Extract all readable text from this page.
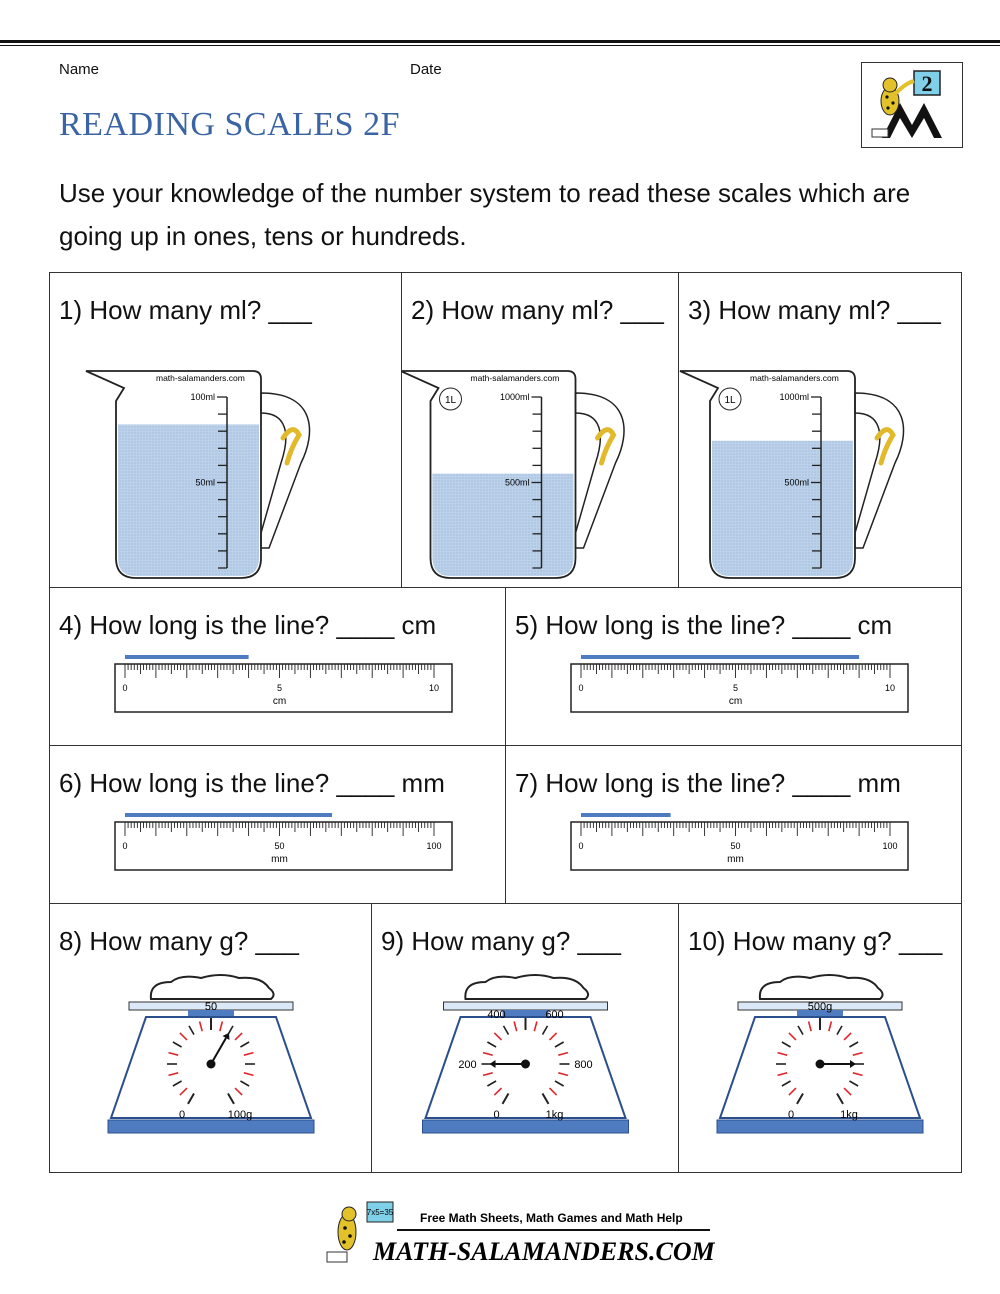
Name	Date
2
READING SCALES 2F
Use your knowledge of the number system to read these scales which are going up in ones, tens or hundreds.
1) How many ml? ___
math-salamanders.com
100ml
50ml
2) How many ml? ___
math-salamanders.com
1L	1000ml
500ml
3) How many ml? ___
math-salamanders.com
1L	1000ml
500ml
4) How long is the line? ____ cm
0	5	10
cm
5) How long is the line? ____ cm
0	5	10
cm
6) How long is the line? ____ mm
0	50	100
mm
7) How long is the line? ____ mm
0	50	100
mm
8) How many g? ___
0
50
100g
9) How many g? ___
0
200
400	600
800
1kg
10) How many g? ___
0
500g
1kg
7x5=35 Free Math Sheets, Math Games and Math Help
MATH-SALAMANDERS.COM
